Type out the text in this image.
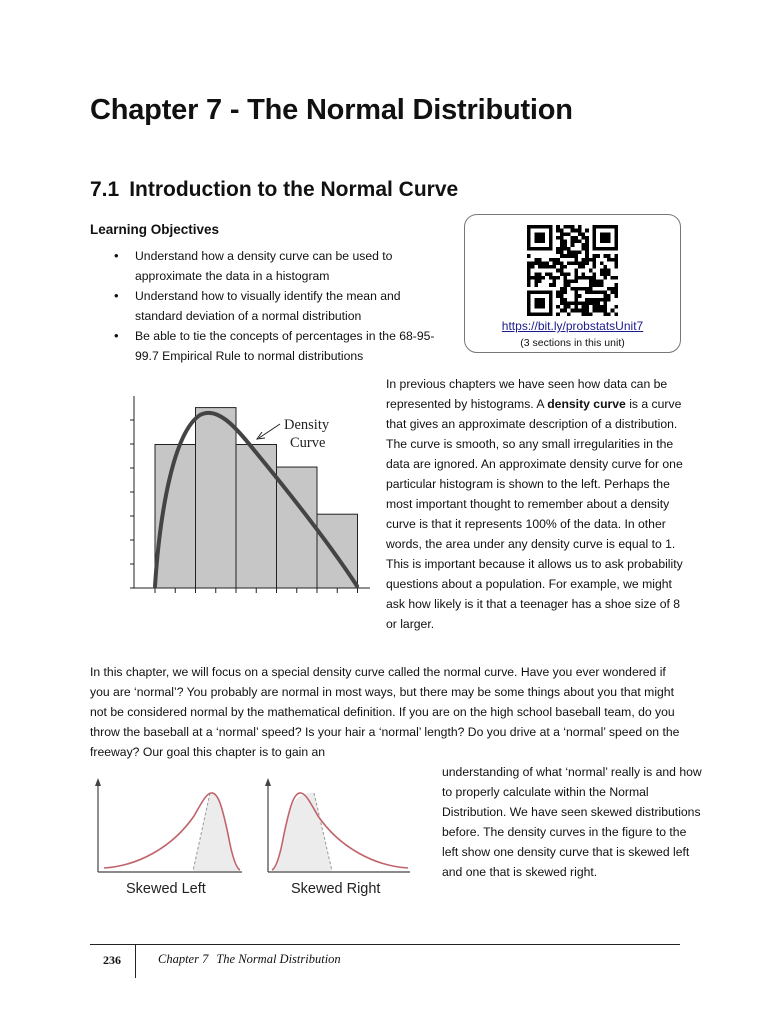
Chapter 7 - The Normal Distribution
7.1 Introduction to the Normal Curve
Learning Objectives
• Understand how a density curve can be used to approximate the data in a histogram
• Understand how to visually identify the mean and standard deviation of a normal distribution
• Be able to tie the concepts of percentages in the 68-95-99.7 Empirical Rule to normal distributions
https://bit.ly/probstatsUnit7
(3 sections in this unit)
Density
Curve
In previous chapters we have seen how data can be represented by histograms. A density curve is a curve that gives an approximate description of a distribution. The curve is smooth, so any small irregularities in the data are ignored. An approximate density curve for one particular histogram is shown to the left. Perhaps the most important thought to remember about a density curve is that it represents 100% of the data. In other words, the area under any density curve is equal to 1. This is important because it allows us to ask probability questions about a population. For example, we might ask how likely is it that a teenager has a shoe size of 8 or larger.
In this chapter, we will focus on a special density curve called the normal curve. Have you ever wondered if you are ‘normal’? You probably are normal in most ways, but there may be some things about you that might not be considered normal by the mathematical definition. If you are on the high school baseball team, do you throw the baseball at a ‘normal’ speed? Is your hair a ‘normal’ length? Do you drive at a ‘normal’ speed on the freeway? Our goal this chapter is to gain an
understanding of what ‘normal’ really is and how to properly calculate within the Normal Distribution. We have seen skewed distributions before. The density curves in the figure to the left show one density curve that is skewed left and one that is skewed right.
Skewed Left	Skewed Right
236	Chapter 7 The Normal Distribution
